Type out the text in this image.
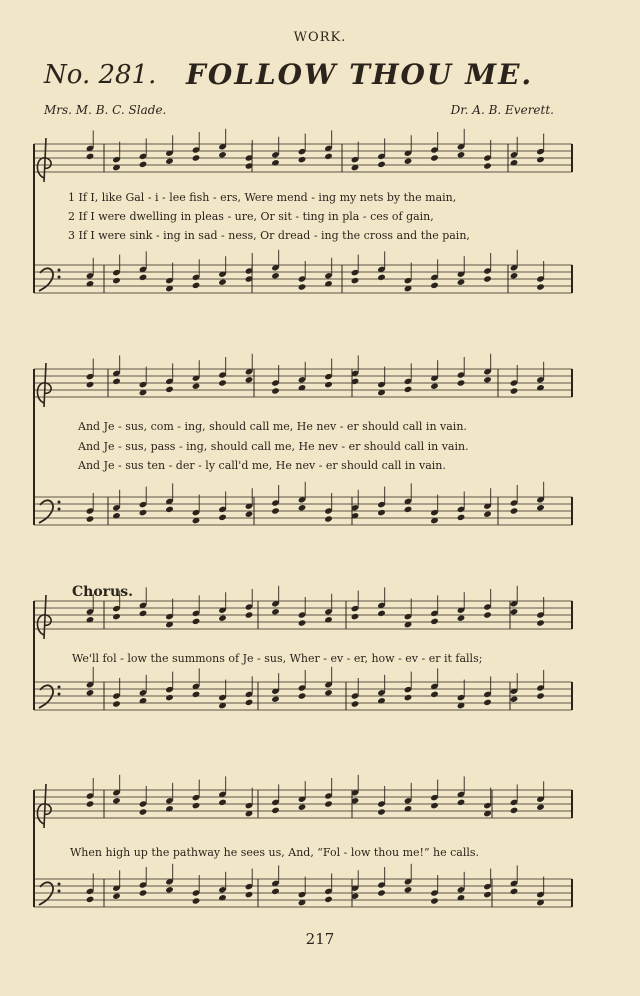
WORK.
No. 281. FOLLOW THOU ME.
Mrs. M. B. C. Slade.	Dr. A. B. Everett.
1 If I, like Gal - i - lee fish - ers, Were mend - ing my nets by the main,
2 If I were dwelling in pleas - ure, Or sit - ting in pla - ces of gain,
3 If I were sink - ing in sad - ness, Or dread - ing the cross and the pain,
And Je - sus, com - ing, should call me, He nev - er should call in vain.
And Je - sus, pass - ing, should call me, He nev - er should call in vain.
And Je - sus ten - der - ly call'd me, He nev - er should call in vain.
Chorus.
We'll fol - low the summons of Je - sus, Wher - ev - er, how - ev - er it falls;
When high up the pathway he sees us, And, “Fol - low thou me!” he calls.
217
